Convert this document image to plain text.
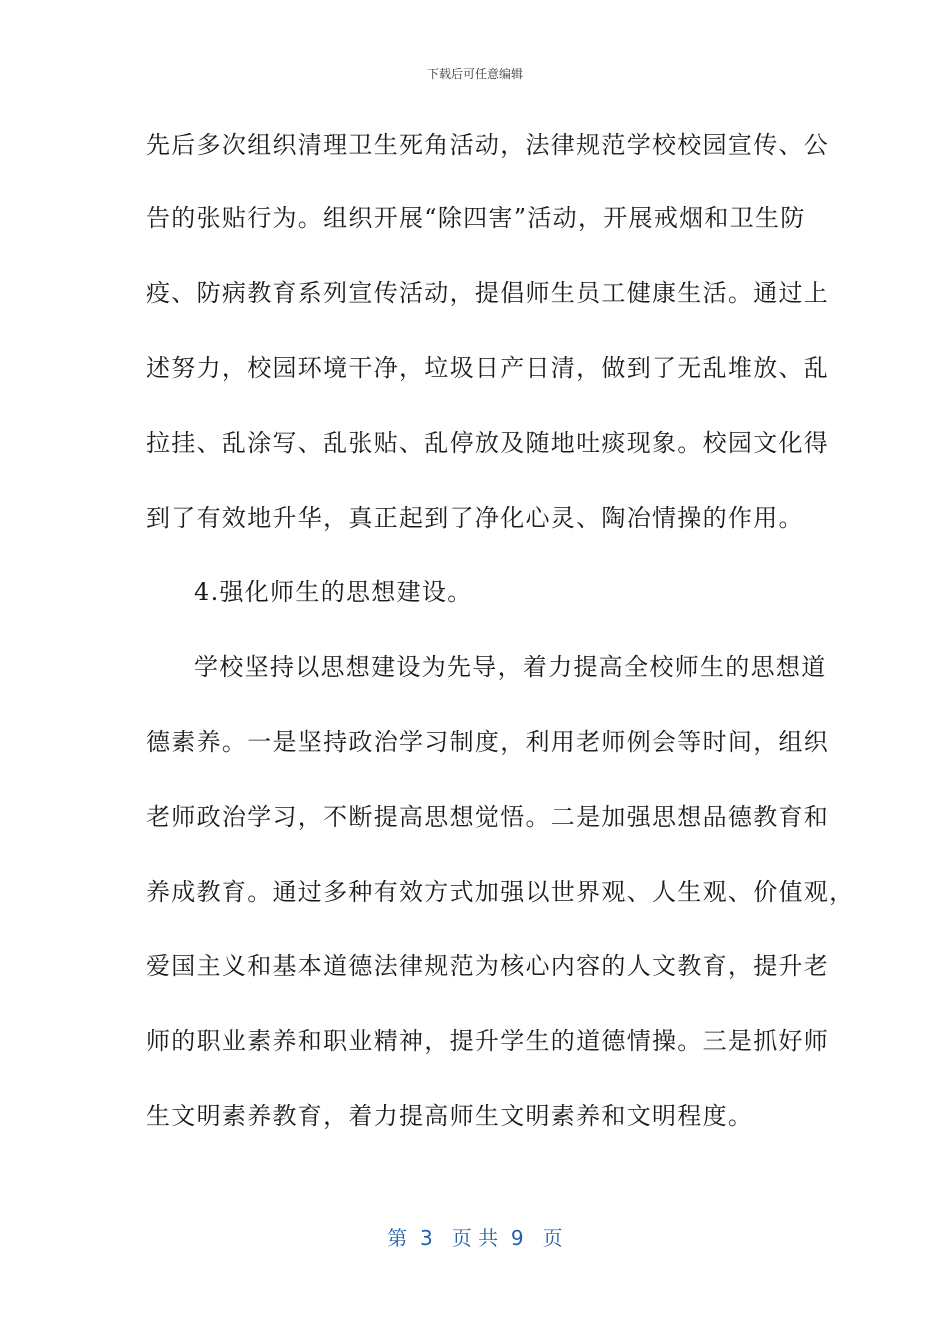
下载后可任意编辑
先后多次组织清理卫生死角活动，法律规范学校校园宣传、公
告的张贴行为。组织开展“除四害”活动，开展戒烟和卫生防
疫、防病教育系列宣传活动，提倡师生员工健康生活。通过上
述努力，校园环境干净，垃圾日产日清，做到了无乱堆放、乱
拉挂、乱涂写、乱张贴、乱停放及随地吐痰现象。校园文化得
到了有效地升华，真正起到了净化心灵、陶冶情操的作用。
4.强化师生的思想建设。
学校坚持以思想建设为先导，着力提高全校师生的思想道
德素养。一是坚持政治学习制度，利用老师例会等时间，组织
老师政治学习，不断提高思想觉悟。二是加强思想品德教育和
养成教育。通过多种有效方式加强以世界观、人生观、价值观，
爱国主义和基本道德法律规范为核心内容的人文教育，提升老
师的职业素养和职业精神，提升学生的道德情操。三是抓好师
生文明素养教育，着力提高师生文明素养和文明程度。
第  3   页 共  9   页
